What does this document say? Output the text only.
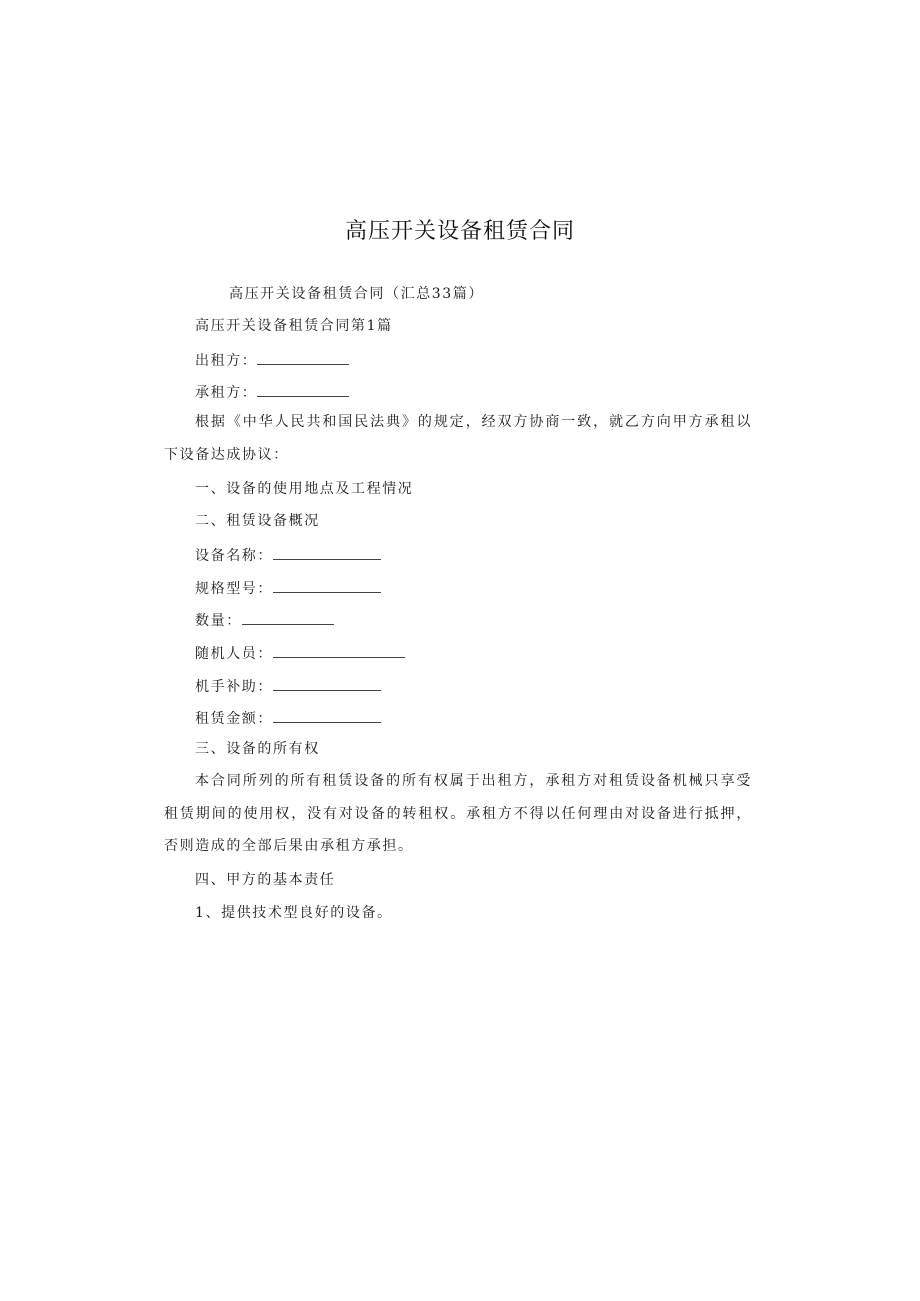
高压开关设备租赁合同
高压开关设备租赁合同（汇总33篇）
高压开关设备租赁合同第1篇
出租方：
承租方：
根据《中华人民共和国民法典》的规定，经双方协商一致，就乙方向甲方承租以下设备达成协议：
一、设备的使用地点及工程情况
二、租赁设备概况
设备名称：
规格型号：
数量：
随机人员：
机手补助：
租赁金额：
三、设备的所有权
本合同所列的所有租赁设备的所有权属于出租方，承租方对租赁设备机械只享受租赁期间的使用权，没有对设备的转租权。承租方不得以任何理由对设备进行抵押，否则造成的全部后果由承租方承担。
四、甲方的基本责任
1、提供技术型良好的设备。
